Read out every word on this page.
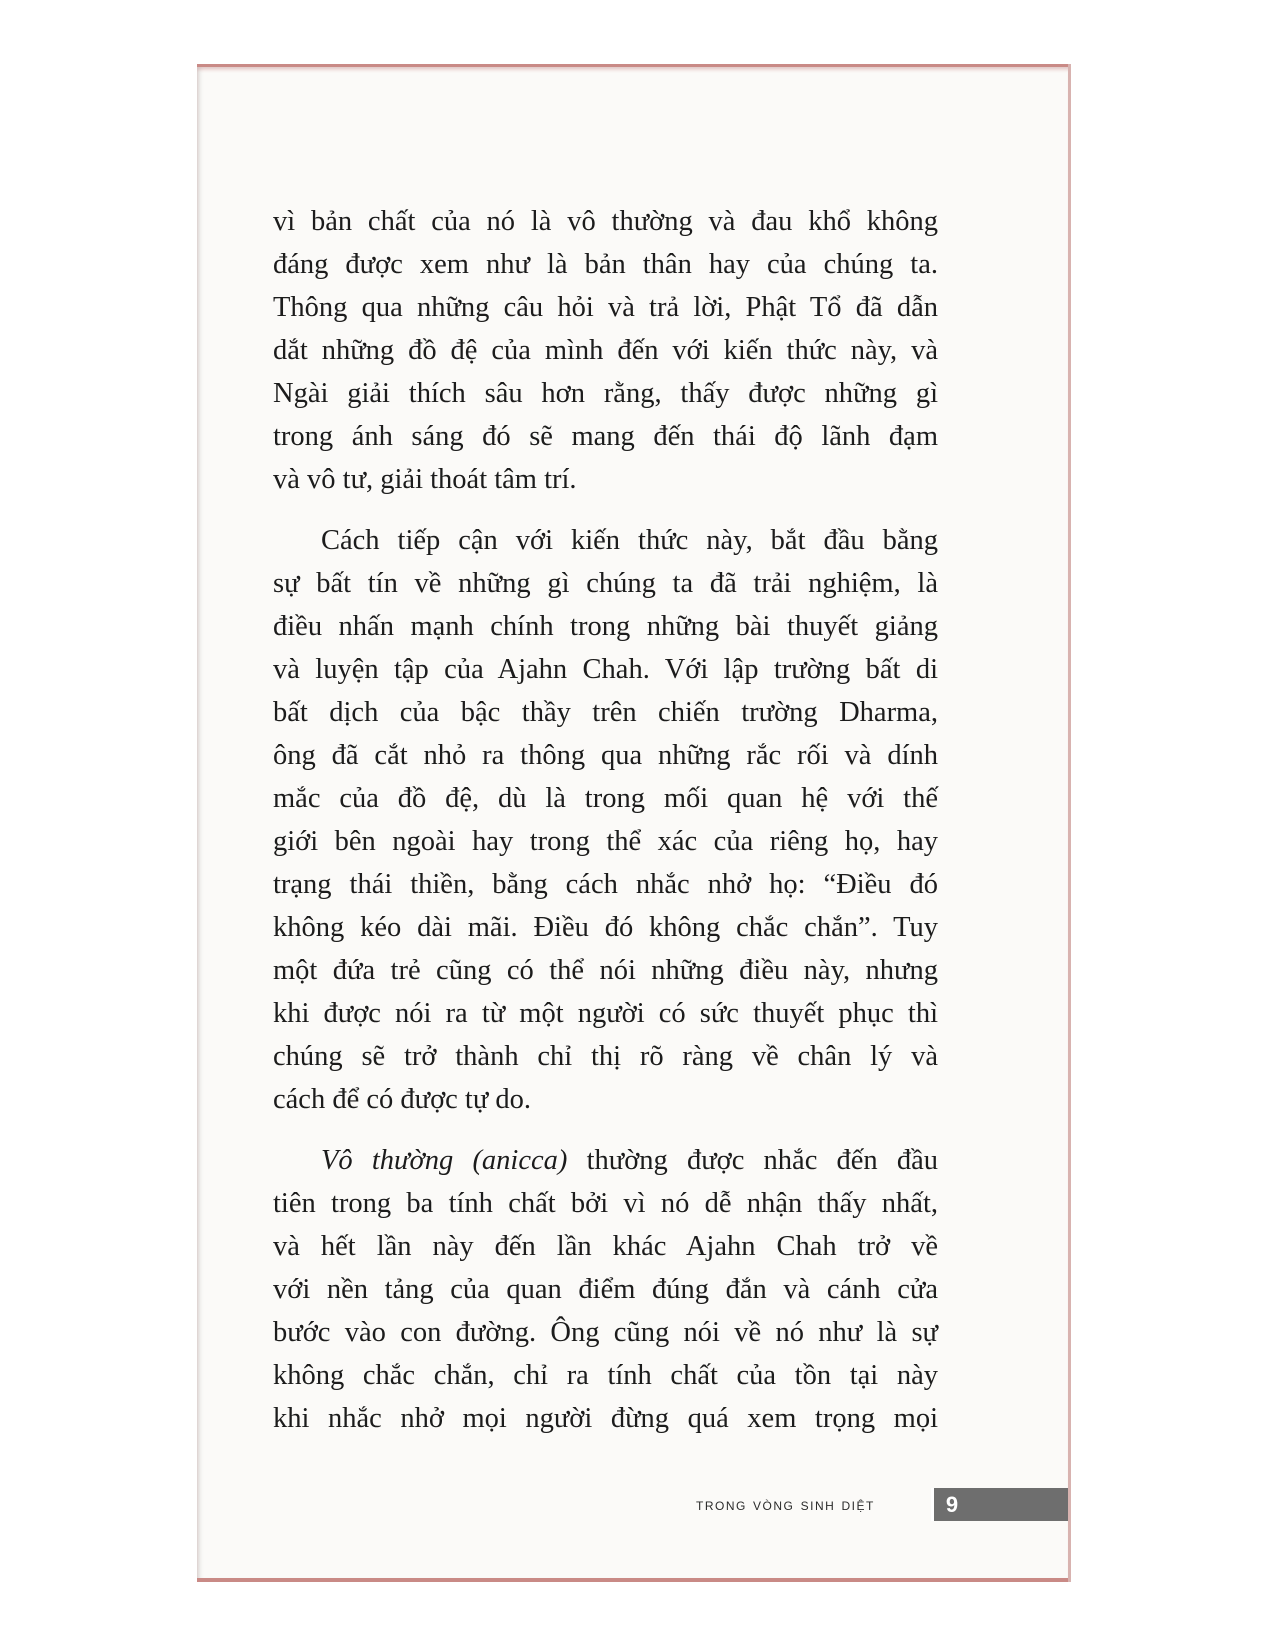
vì bản chất của nó là vô thường và đau khổ không
đáng được xem như là bản thân hay của chúng ta.
Thông qua những câu hỏi và trả lời, Phật Tổ đã dẫn
dắt những đồ đệ của mình đến với kiến thức này, và
Ngài giải thích sâu hơn rằng, thấy được những gì
trong ánh sáng đó sẽ mang đến thái độ lãnh đạm
và vô tư, giải thoát tâm trí.
Cách tiếp cận với kiến thức này, bắt đầu bằng
sự bất tín về những gì chúng ta đã trải nghiệm, là
điều nhấn mạnh chính trong những bài thuyết giảng
và luyện tập của Ajahn Chah. Với lập trường bất di
bất dịch của bậc thầy trên chiến trường Dharma,
ông đã cắt nhỏ ra thông qua những rắc rối và dính
mắc của đồ đệ, dù là trong mối quan hệ với thế
giới bên ngoài hay trong thể xác của riêng họ, hay
trạng thái thiền, bằng cách nhắc nhở họ: “Điều đó
không kéo dài mãi. Điều đó không chắc chắn”. Tuy
một đứa trẻ cũng có thể nói những điều này, nhưng
khi được nói ra từ một người có sức thuyết phục thì
chúng sẽ trở thành chỉ thị rõ ràng về chân lý và
cách để có được tự do.
Vô thường (anicca) thường được nhắc đến đầu
tiên trong ba tính chất bởi vì nó dễ nhận thấy nhất,
và hết lần này đến lần khác Ajahn Chah trở về
với nền tảng của quan điểm đúng đắn và cánh cửa
bước vào con đường. Ông cũng nói về nó như là sự
không chắc chắn, chỉ ra tính chất của tồn tại này
khi nhắc nhở mọi người đừng quá xem trọng mọi
trong vòng sinh diệt	9
